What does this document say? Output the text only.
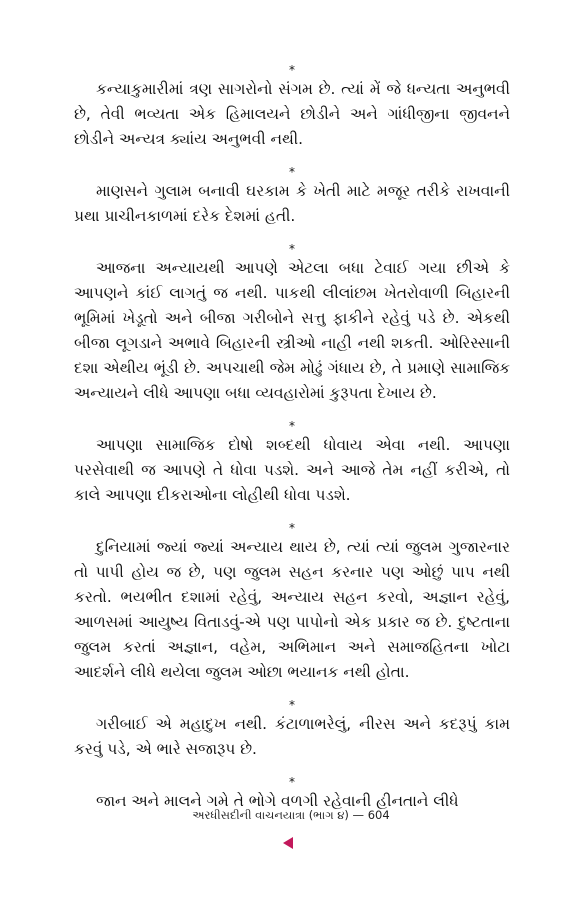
*

કન્યાકુમારીમાં ત્રણ સાગરોનો સંગમ છે. ત્યાં મેં જે ધન્યતા અનુભવી છે, તેવી ભવ્યતા એક હિમાલયને છોડીને અને ગાંધીજીના જીવનને છોડીને અન્યત્ર ક્યાંય અનુભવી નથી.

*

માણસને ગુલામ બનાવી ઘરકામ કે ખેતી માટે મજૂર તરીકે રાખવાની પ્રથા પ્રાચીનકાળમાં દરેક દેશમાં હતી.

*

આજના અન્યાયથી આપણે એટલા બધા ટેવાઈ ગયા છીએ કે આપણને કાંઈ લાગતું જ નથી. પાકથી લીલાંછમ ખેતરોવાળી બિહારની ભૂમિમાં ખેડૂતો અને બીજા ગરીબોને સત્તુ ફાકીને રહેવું પડે છે. એકથી બીજા લૂગડાને અભાવે બિહારની સ્ત્રીઓ નાહી નથી શકતી. ઓરિસ્સાની દશા એથીય ભૂંડી છે. અપચાથી જેમ મોઢું ગંધાય છે, તે પ્રમાણે સામાજિક અન્યાયને લીધે આપણા બધા વ્યવહારોમાં કુરૂપતા દેખાય છે.

*

આપણા સામાજિક દોષો શબ્દથી ધોવાય એવા નથી. આપણા પરસેવાથી જ આપણે તે ધોવા પડશે. અને આજે તેમ નહીં કરીએ, તો કાલે આપણા દીકરાઓના લોહીથી ધોવા પડશે.

*

દુનિયામાં જ્યાં જ્યાં અન્યાય થાય છે, ત્યાં ત્યાં જુલમ ગુજારનાર તો પાપી હોય જ છે, પણ જુલમ સહન કરનાર પણ ઓછું પાપ નથી કરતો. ભયભીત દશામાં રહેવું, અન્યાય સહન કરવો, અજ્ઞાન રહેવું, આળસમાં આયુષ્ય વિતાડવું-એ પણ પાપોનો એક પ્રકાર જ છે. દુષ્ટતાના જુલમ કરતાં અજ્ઞાન, વહેમ, અભિમાન અને સમાજહિતના ખોટા આદર્શને લીધે થયેલા જુલમ ઓછા ભયાનક નથી હોતા.

*

ગરીબાઈ એ મહાદુખ નથી. કંટાળાભરેલું, નીરસ અને કદરૂપું કામ કરવું પડે, એ ભારે સજારૂપ છે.

*

જાન અને માલને ગમે તે ભોગે વળગી રહેવાની હીનતાને લીધે

અરધીસદીની વાચનયાત્રા (ભાગ ૪) — 604
